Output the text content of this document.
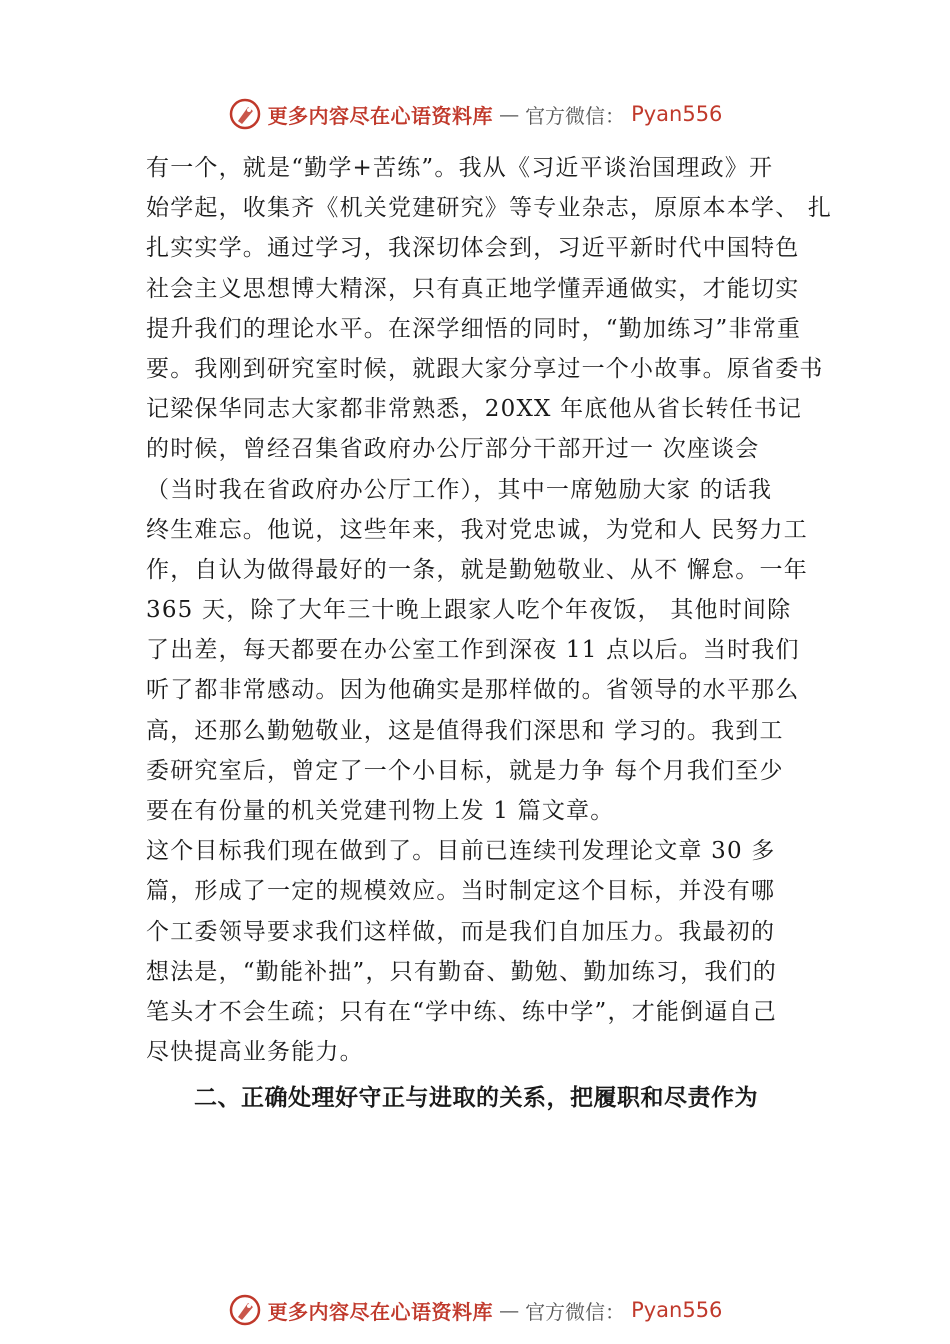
更多内容尽在心语资料库 — 官方微信： Pyan556
有一个，就是“勤学+苦练”。我从《习近平谈治国理政》开
始学起，收集齐《机关党建研究》等专业杂志，原原本本学、 扎
扎实实学。通过学习，我深切体会到，习近平新时代中国特色
社会主义思想博大精深，只有真正地学懂弄通做实，才能切实
提升我们的理论水平。在深学细悟的同时，“勤加练习”非常重
要。我刚到研究室时候，就跟大家分享过一个小故事。原省委书
记梁保华同志大家都非常熟悉，20XX 年底他从省长转任书记
的时候，曾经召集省政府办公厅部分干部开过一 次座谈会
（当时我在省政府办公厅工作），其中一席勉励大家 的话我
终生难忘。他说，这些年来，我对党忠诚，为党和人 民努力工
作，自认为做得最好的一条，就是勤勉敬业、从不 懈怠。一年
365 天，除了大年三十晚上跟家人吃个年夜饭， 其他时间除
了出差，每天都要在办公室工作到深夜 11 点以后。当时我们
听了都非常感动。因为他确实是那样做的。省领导的水平那么
高，还那么勤勉敬业，这是值得我们深思和 学习的。我到工
委研究室后，曾定了一个小目标，就是力争 每个月我们至少
要在有份量的机关党建刊物上发 1 篇文章。
这个目标我们现在做到了。目前已连续刊发理论文章 30 多
篇，形成了一定的规模效应。当时制定这个目标，并没有哪
个工委领导要求我们这样做，而是我们自加压力。我最初的
想法是，“勤能补拙”，只有勤奋、勤勉、勤加练习，我们的
笔头才不会生疏；只有在“学中练、练中学”，才能倒逼自己
尽快提高业务能力。
二、正确处理好守正与进取的关系，把履职和尽责作为
更多内容尽在心语资料库 — 官方微信： Pyan556
